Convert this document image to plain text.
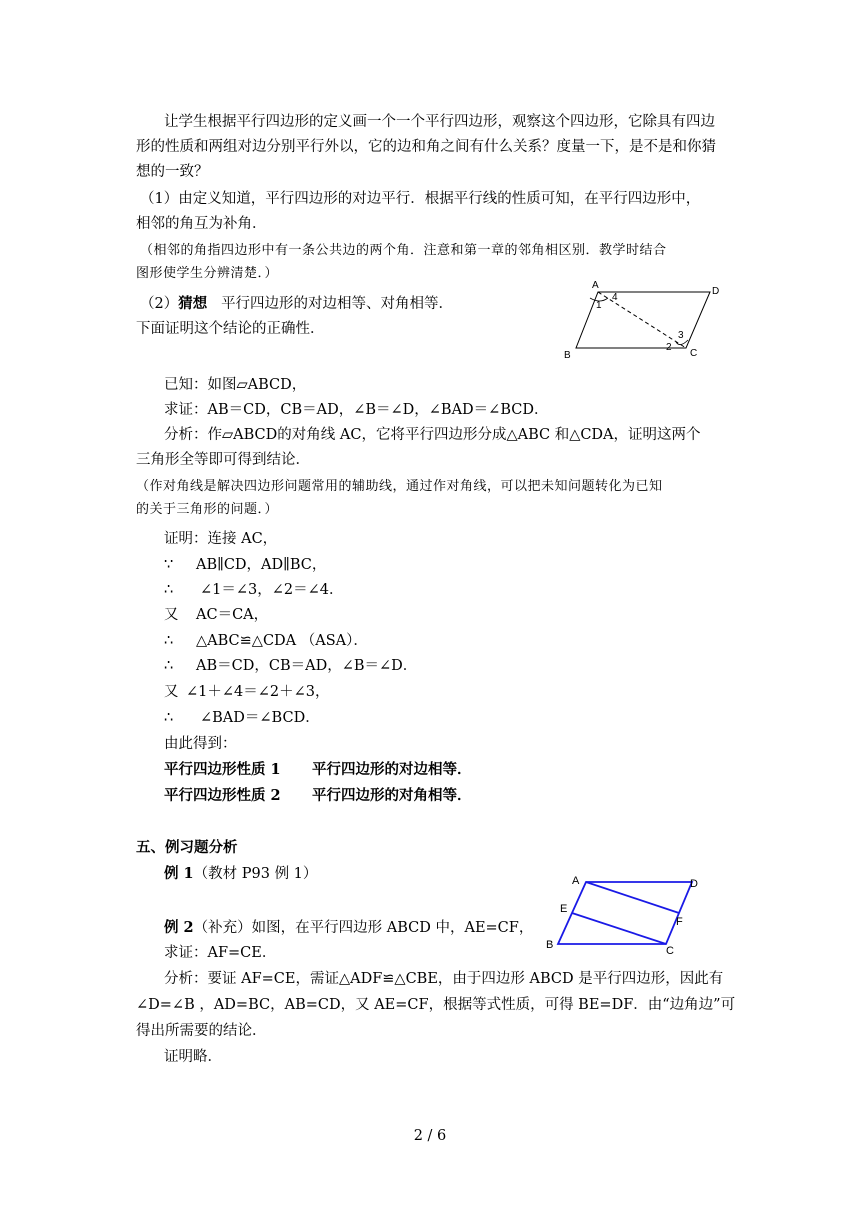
让学生根据平行四边形的定义画一个一个平行四边形，观察这个四边形，它除具有四边
形的性质和两组对边分别平行外以，它的边和角之间有什么关系？度量一下，是不是和你猜
想的一致？
（1）由定义知道，平行四边形的对边平行．根据平行线的性质可知，在平行四边形中，
相邻的角互为补角．
（相邻的角指四边形中有一条公共边的两个角．注意和第一章的邻角相区别．教学时结合
图形使学生分辨清楚．）
（2）猜想 平行四边形的对边相等、对角相等．
下面证明这个结论的正确性．
A
D
B	C
1
4
3
2
已知：如图▱ABCD，
求证：AB＝CD，CB＝AD，∠B＝∠D，∠BAD＝∠BCD．
分析：作▱ABCD的对角线 AC，它将平行四边形分成△ABC 和△CDA，证明这两个
三角形全等即可得到结论．
（作对角线是解决四边形问题常用的辅助线，通过作对角线，可以把未知问题转化为已知
的关于三角形的问题．）
证明：连接 AC，
∵ AB∥CD，AD∥BC，
∴ ∠1＝∠3，∠2＝∠4．
又 AC＝CA，
∴ △ABC≌△CDA （ASA）．
∴ AB＝CD，CB＝AD，∠B＝∠D．
又 ∠1＋∠4＝∠2＋∠3，
∴ ∠BAD＝∠BCD．
由此得到：
平行四边形性质 1 平行四边形的对边相等．
平行四边形性质 2 平行四边形的对角相等．
五、例习题分析
例 1（教材 P93 例 1）
例 2（补充）如图，在平行四边形 ABCD 中，AE=CF，
求证：AF=CE．
A	D
E
F
B	C
分析：要证 AF=CE，需证△ADF≌△CBE，由于四边形 ABCD 是平行四边形，因此有
∠D=∠B ，AD=BC，AB=CD，又 AE=CF，根据等式性质，可得 BE=DF．由“边角边”可
得出所需要的结论．
证明略．
2 / 6
